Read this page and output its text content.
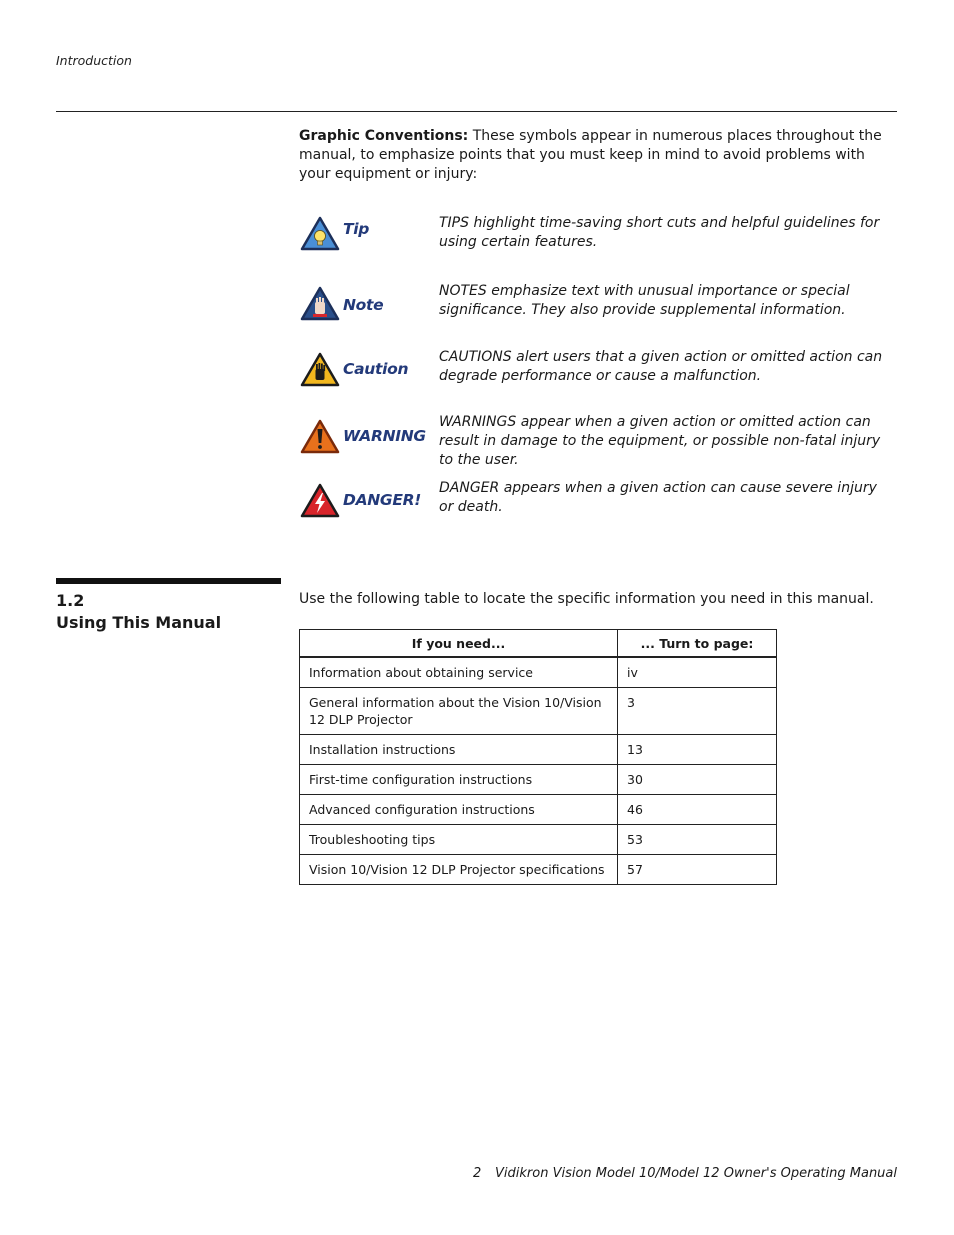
Introduction
Graphic Conventions: These symbols appear in numerous places throughout the manual, to emphasize points that you must keep in mind to avoid problems with your equipment or injury:
Tip	TIPS highlight time-saving short cuts and helpful guidelines for using certain features.
Note
NOTES emphasize text with unusual importance or special significance. They also provide supplemental information.
Caution
CAUTIONS alert users that a given action or omitted action can degrade performance or cause a malfunction.
WARNING
WARNINGS appear when a given action or omitted action can result in damage to the equipment, or possible non-fatal injury to the user.
DANGER!
DANGER appears when a given action can cause severe injury or death.
1.2
Using This Manual
Use the following table to locate the specific information you need in this manual.
If you need...	... Turn to page:
Information about obtaining service	iv
General information about the Vision 10/Vision 12 DLP Projector	3
Installation instructions	13
First-time configuration instructions	30
Advanced configuration instructions	46
Troubleshooting tips	53
Vision 10/Vision 12 DLP Projector specifications	57
2 Vidikron Vision Model 10/Model 12 Owner's Operating Manual
